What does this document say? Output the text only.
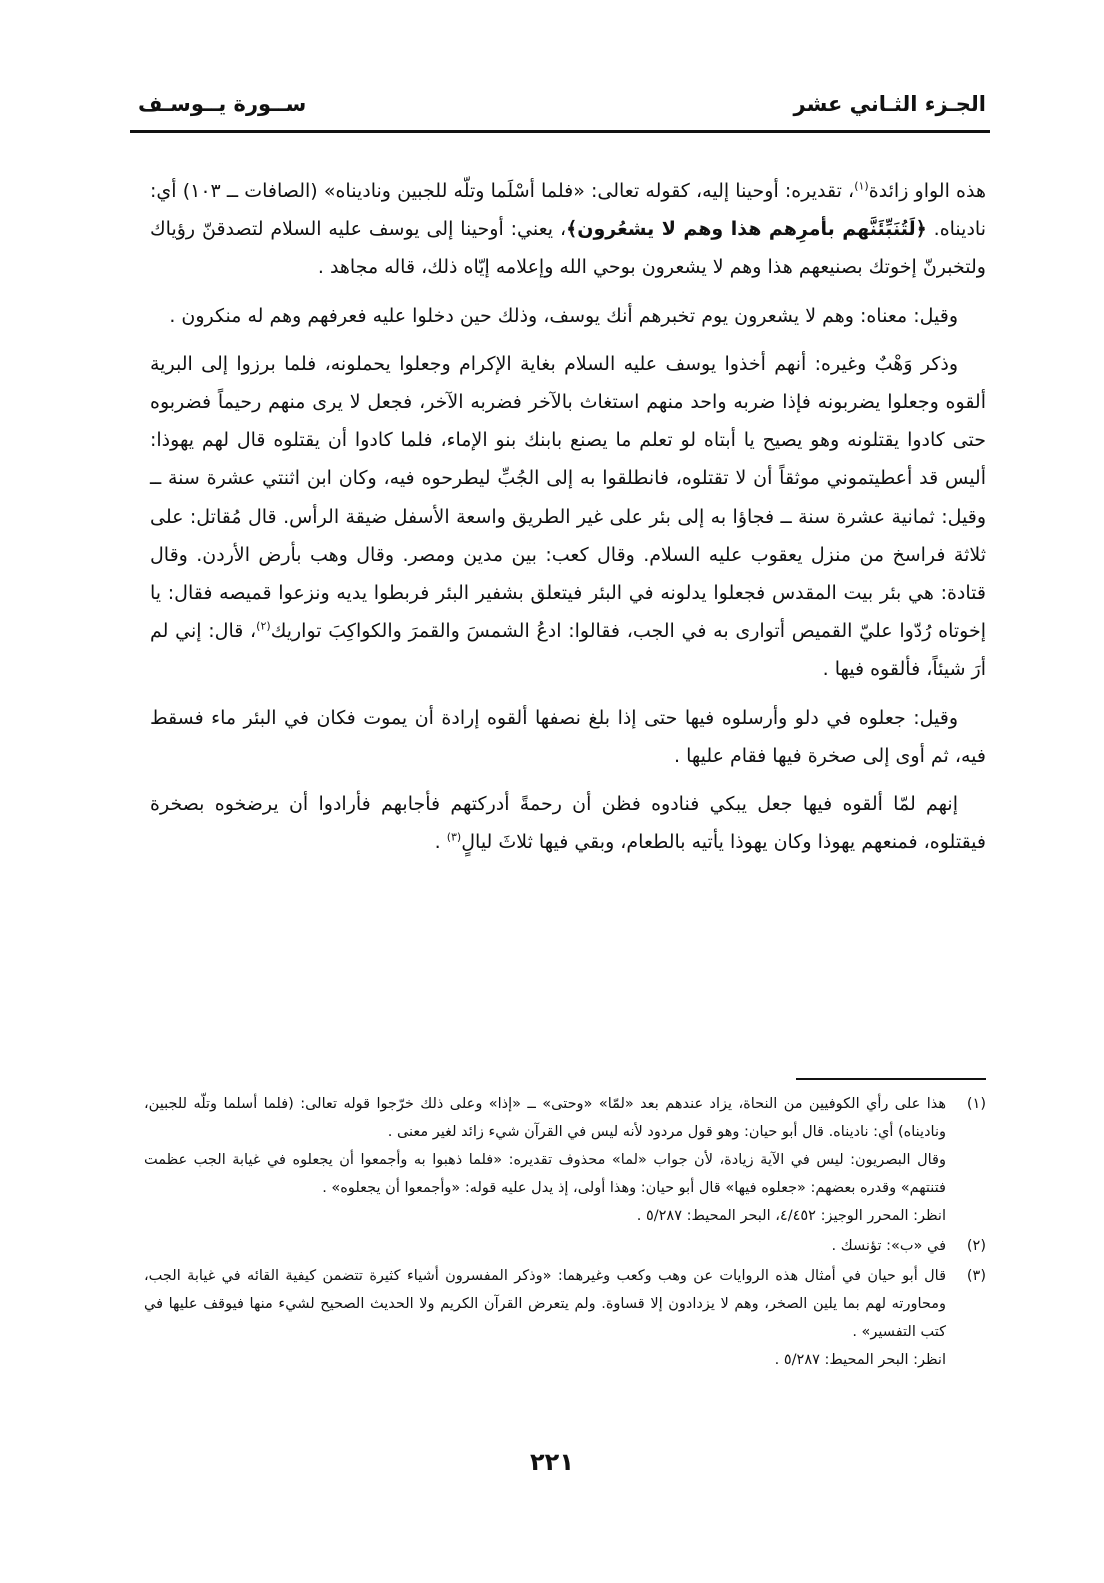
الجـزء الثـاني عشر
ســورة يــوسـف

هذه الواو زائدة$^{(١)}$، تقديره: أوحينا إليه، كقوله تعالى: «فلما أسْلَما وتلّه للجبين وناديناه» (الصافات ــ ١٠٣) أي: ناديناه. ﴿لَتُنَبِّئَنَّهم بأمرِهم هذا وهم لا يشعُرون﴾، يعني: أوحينا إلى يوسف عليه السلام لتصدقنّ رؤياك ولتخبرنّ إخوتك بصنيعهم هذا وهم لا يشعرون بوحي الله وإعلامه إيّاه ذلك، قاله مجاهد .

وقيل: معناه: وهم لا يشعرون يوم تخبرهم أنك يوسف، وذلك حين دخلوا عليه فعرفهم وهم له منكرون .

وذكر وَهْبٌ وغيره: أنهم أخذوا يوسف عليه السلام بغاية الإكرام وجعلوا يحملونه، فلما برزوا إلى البرية ألقوه وجعلوا يضربونه فإذا ضربه واحد منهم استغاث بالآخر فضربه الآخر، فجعل لا يرى منهم رحيماً فضربوه حتى كادوا يقتلونه وهو يصيح يا أبتاه لو تعلم ما يصنع بابنك بنو الإماء، فلما كادوا أن يقتلوه قال لهم يهوذا: أليس قد أعطيتموني موثقاً أن لا تقتلوه، فانطلقوا به إلى الجُبِّ ليطرحوه فيه، وكان ابن اثنتي عشرة سنة ــ وقيل: ثمانية عشرة سنة ــ فجاؤا به إلى بئر على غير الطريق واسعة الأسفل ضيقة الرأس. قال مُقاتل: على ثلاثة فراسخ من منزل يعقوب عليه السلام. وقال كعب: بين مدين ومصر. وقال وهب بأرض الأردن. وقال قتادة: هي بئر بيت المقدس فجعلوا يدلونه في البئر فيتعلق بشفير البئر فربطوا يديه ونزعوا قميصه فقال: يا إخوتاه رُدّوا عليّ القميص أتوارى به في الجب، فقالوا: ادعُ الشمسَ والقمرَ والكواكِبَ تواريك$^{(٢)}$، قال: إني لم أرَ شيئاً، فألقوه فيها .

وقيل: جعلوه في دلو وأرسلوه فيها حتى إذا بلغ نصفها ألقوه إرادة أن يموت فكان في البئر ماء فسقط فيه، ثم أوى إلى صخرة فيها فقام عليها .

إنهم لمّا ألقوه فيها جعل يبكي فنادوه فظن أن رحمةً أدركتهم فأجابهم فأرادوا أن يرضخوه بصخرة فيقتلوه، فمنعهم يهوذا وكان يهوذا يأتيه بالطعام، وبقي فيها ثلاثَ ليالٍ$^{(٣)}$ .

(١)
هذا على رأي الكوفيين من النحاة، يزاد عندهم بعد «لمّا» «وحتى» ــ «إذا» وعلى ذلك خرّجوا قوله تعالى: (فلما أسلما وتلّه للجبين، وناديناه) أي: ناديناه. قال أبو حيان: وهو قول مردود لأنه ليس في القرآن شيء زائد لغير معنى .
وقال البصريون: ليس في الآية زيادة، لأن جواب «لما» محذوف تقديره: «فلما ذهبوا به وأجمعوا أن يجعلوه في غيابة الجب عظمت فتنتهم» وقدره بعضهم: «جعلوه فيها» قال أبو حيان: وهذا أولى، إذ يدل عليه قوله: «وأجمعوا أن يجعلوه» .
انظر: المحرر الوجيز: ٤/٤٥٢، البحر المحيط: ٥/٢٨٧ .
(٢)
في «ب»: تؤنسك .
(٣)
قال أبو حيان في أمثال هذه الروايات عن وهب وكعب وغيرهما: «وذكر المفسرون أشياء كثيرة تتضمن كيفية القائه في غيابة الجب، ومحاورته لهم بما يلين الصخر، وهم لا يزدادون إلا قساوة. ولم يتعرض القرآن الكريم ولا الحديث الصحيح لشيء منها فيوقف عليها في كتب التفسير» .
انظر: البحر المحيط: ٥/٢٨٧ .
٢٢١
